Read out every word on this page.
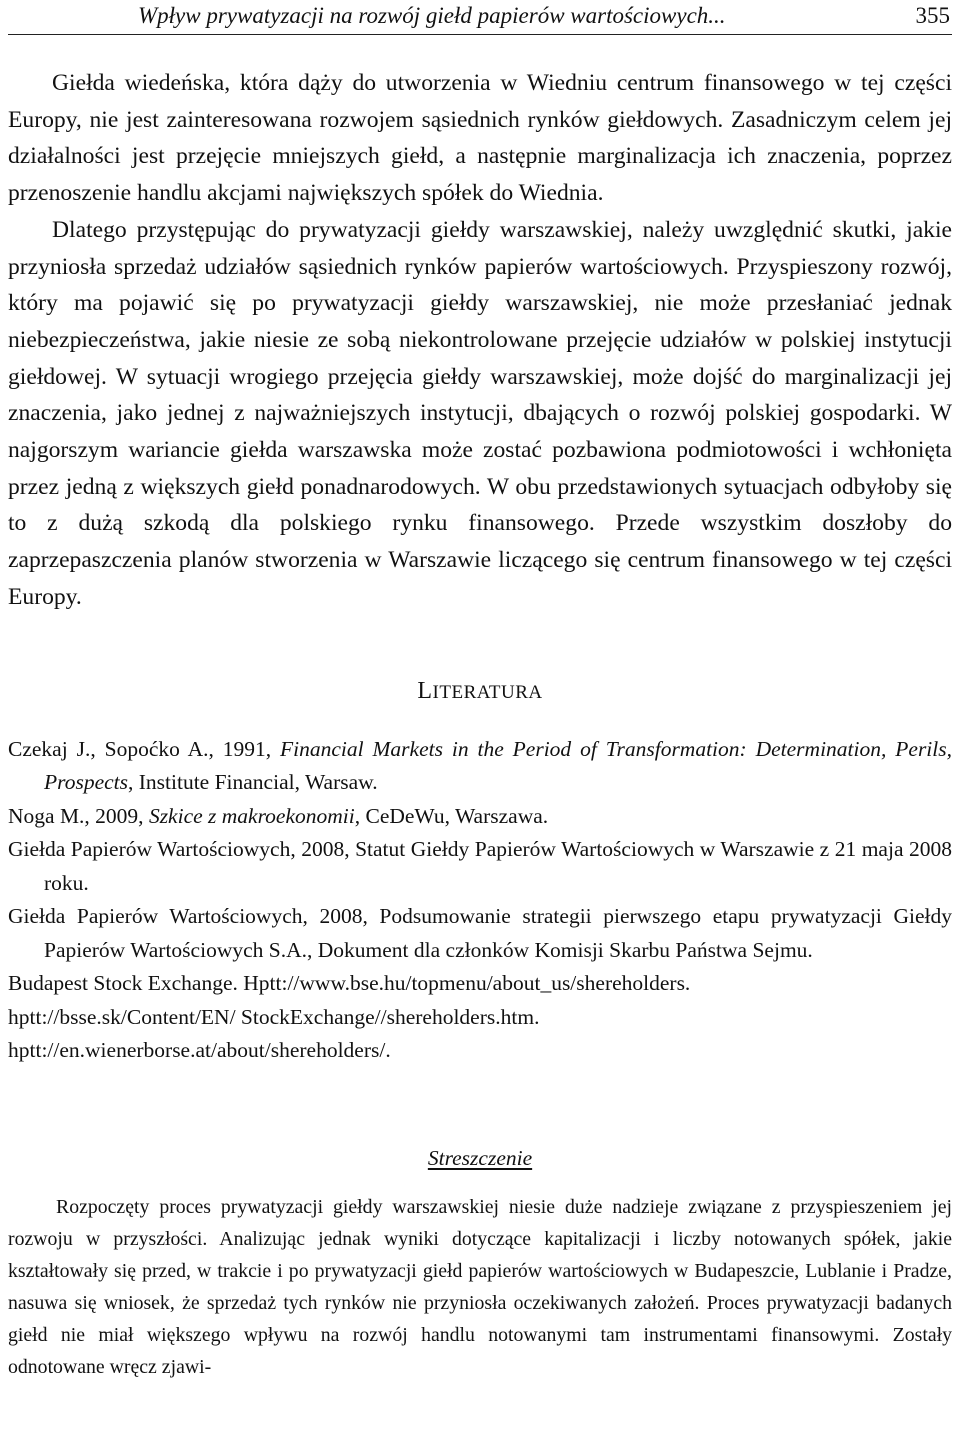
Wpływ prywatyzacji na rozwój giełd papierów wartościowych...	355

Giełda wiedeńska, która dąży do utworzenia w Wiedniu centrum finansowego w tej części Europy, nie jest zainteresowana rozwojem sąsiednich rynków giełdowych. Zasadniczym celem jej działalności jest przejęcie mniejszych giełd, a następnie marginalizacja ich znaczenia, poprzez przenoszenie handlu akcjami największych spółek do Wiednia.

Dlatego przystępując do prywatyzacji giełdy warszawskiej, należy uwzględnić skutki, jakie przyniosła sprzedaż udziałów sąsiednich rynków papierów wartościowych. Przyspieszony rozwój, który ma pojawić się po prywatyzacji giełdy warszawskiej, nie może przesłaniać jednak niebezpieczeństwa, jakie niesie ze sobą niekontrolowane przejęcie udziałów w polskiej instytucji giełdowej. W sytuacji wrogiego przejęcia giełdy warszawskiej, może dojść do marginalizacji jej znaczenia, jako jednej z najważniejszych instytucji, dbających o rozwój polskiej gospodarki. W najgorszym wariancie giełda warszawska może zostać pozbawiona podmiotowości i wchłonięta przez jedną z większych giełd ponadnarodowych. W obu przedstawionych sytuacjach odbyłoby się to z dużą szkodą dla polskiego rynku finansowego. Przede wszystkim doszłoby do zaprzepaszczenia planów stworzenia w Warszawie liczącego się centrum finansowego w tej części Europy.

LITERATURA

Czekaj J., Sopoćko A., 1991, Financial Markets in the Period of Transformation: Determination, Perils, Prospects, Institute Financial, Warsaw.

Noga M., 2009, Szkice z makroekonomii, CeDeWu, Warszawa.

Giełda Papierów Wartościowych, 2008, Statut Giełdy Papierów Wartościowych w Warszawie z 21 maja 2008 roku.

Giełda Papierów Wartościowych, 2008, Podsumowanie strategii pierwszego etapu prywatyzacji Giełdy Papierów Wartościowych S.A., Dokument dla członków Komisji Skarbu Państwa Sejmu.

Budapest Stock Exchange. Hptt://www.bse.hu/topmenu/about_us/shereholders.

hptt://bsse.sk/Content/EN/ StockExchange//shereholders.htm.

hptt://en.wienerborse.at/about/shereholders/.

Streszczenie

Rozpoczęty proces prywatyzacji giełdy warszawskiej niesie duże nadzieje związane z przyspieszeniem jej rozwoju w przyszłości. Analizując jednak wyniki dotyczące kapitalizacji i liczby notowanych spółek, jakie kształtowały się przed, w trakcie i po prywatyzacji giełd papierów wartościowych w Budapeszcie, Lublanie i Pradze, nasuwa się wniosek, że sprzedaż tych rynków nie przyniosła oczekiwanych założeń. Proces prywatyzacji badanych giełd nie miał większego wpływu na rozwój handlu notowanymi tam instrumentami finansowymi. Zostały odnotowane wręcz zjawi-
